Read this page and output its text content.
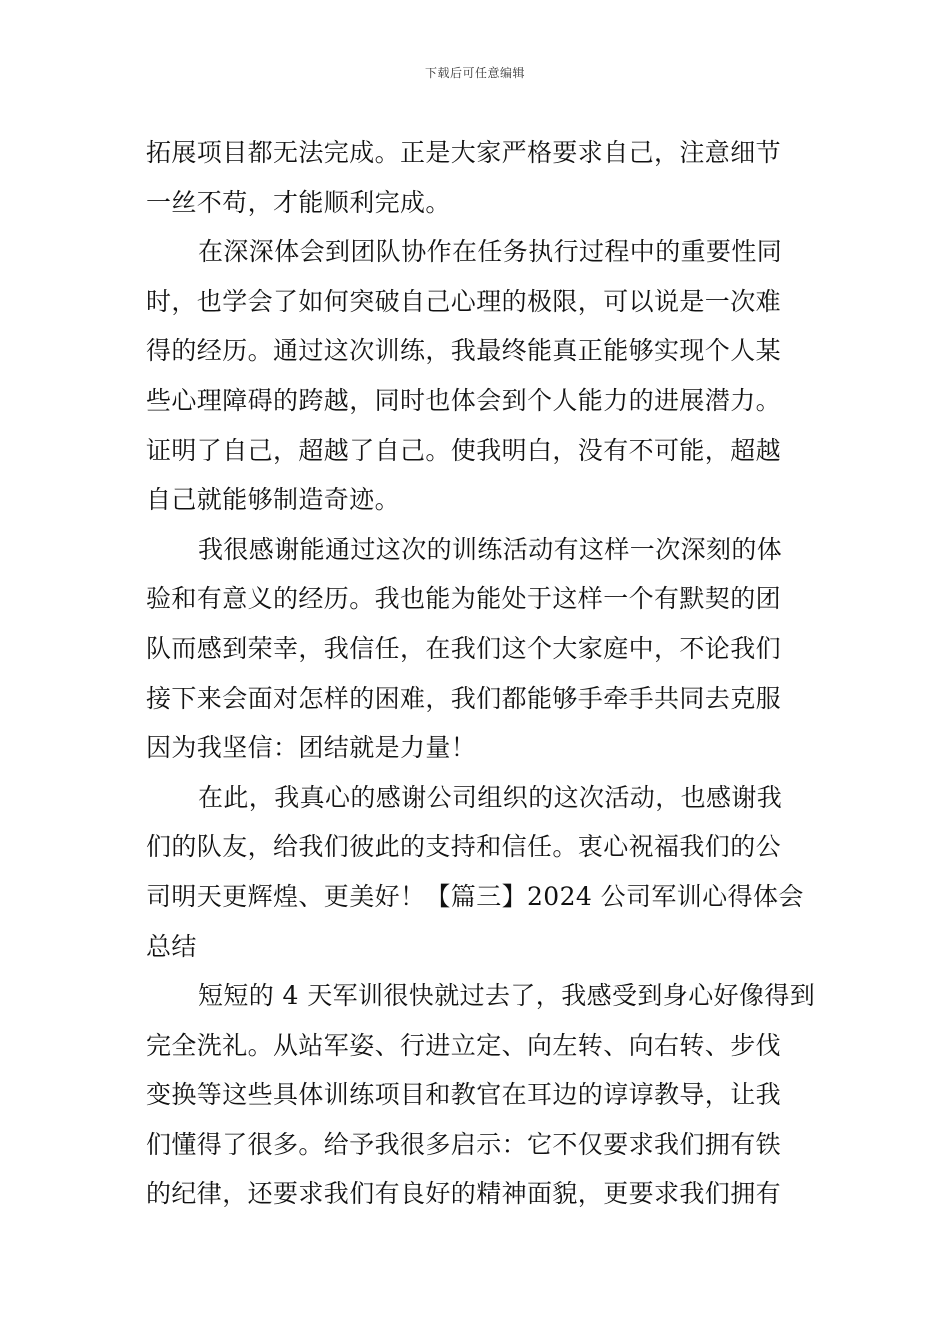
下载后可任意编辑

拓展项目都无法完成。正是大家严格要求自己，注意细节
一丝不苟，才能顺利完成。

在深深体会到团队协作在任务执行过程中的重要性同
时，也学会了如何突破自己心理的极限，可以说是一次难
得的经历。通过这次训练，我最终能真正能够实现个人某
些心理障碍的跨越，同时也体会到个人能力的进展潜力。
证明了自己，超越了自己。使我明白，没有不可能，超越
自己就能够制造奇迹。

我很感谢能通过这次的训练活动有这样一次深刻的体
验和有意义的经历。我也能为能处于这样一个有默契的团
队而感到荣幸，我信任，在我们这个大家庭中，不论我们
接下来会面对怎样的困难，我们都能够手牵手共同去克服
因为我坚信：团结就是力量！

在此，我真心的感谢公司组织的这次活动，也感谢我
们的队友，给我们彼此的支持和信任。衷心祝福我们的公
司明天更辉煌、更美好！【篇三】2024 公司军训心得体会
总结

短短的 4 天军训很快就过去了，我感受到身心好像得到
完全洗礼。从站军姿、行进立定、向左转、向右转、步伐
变换等这些具体训练项目和教官在耳边的谆谆教导，让我
们懂得了很多。给予我很多启示：它不仅要求我们拥有铁
的纪律，还要求我们有良好的精神面貌，更要求我们拥有
